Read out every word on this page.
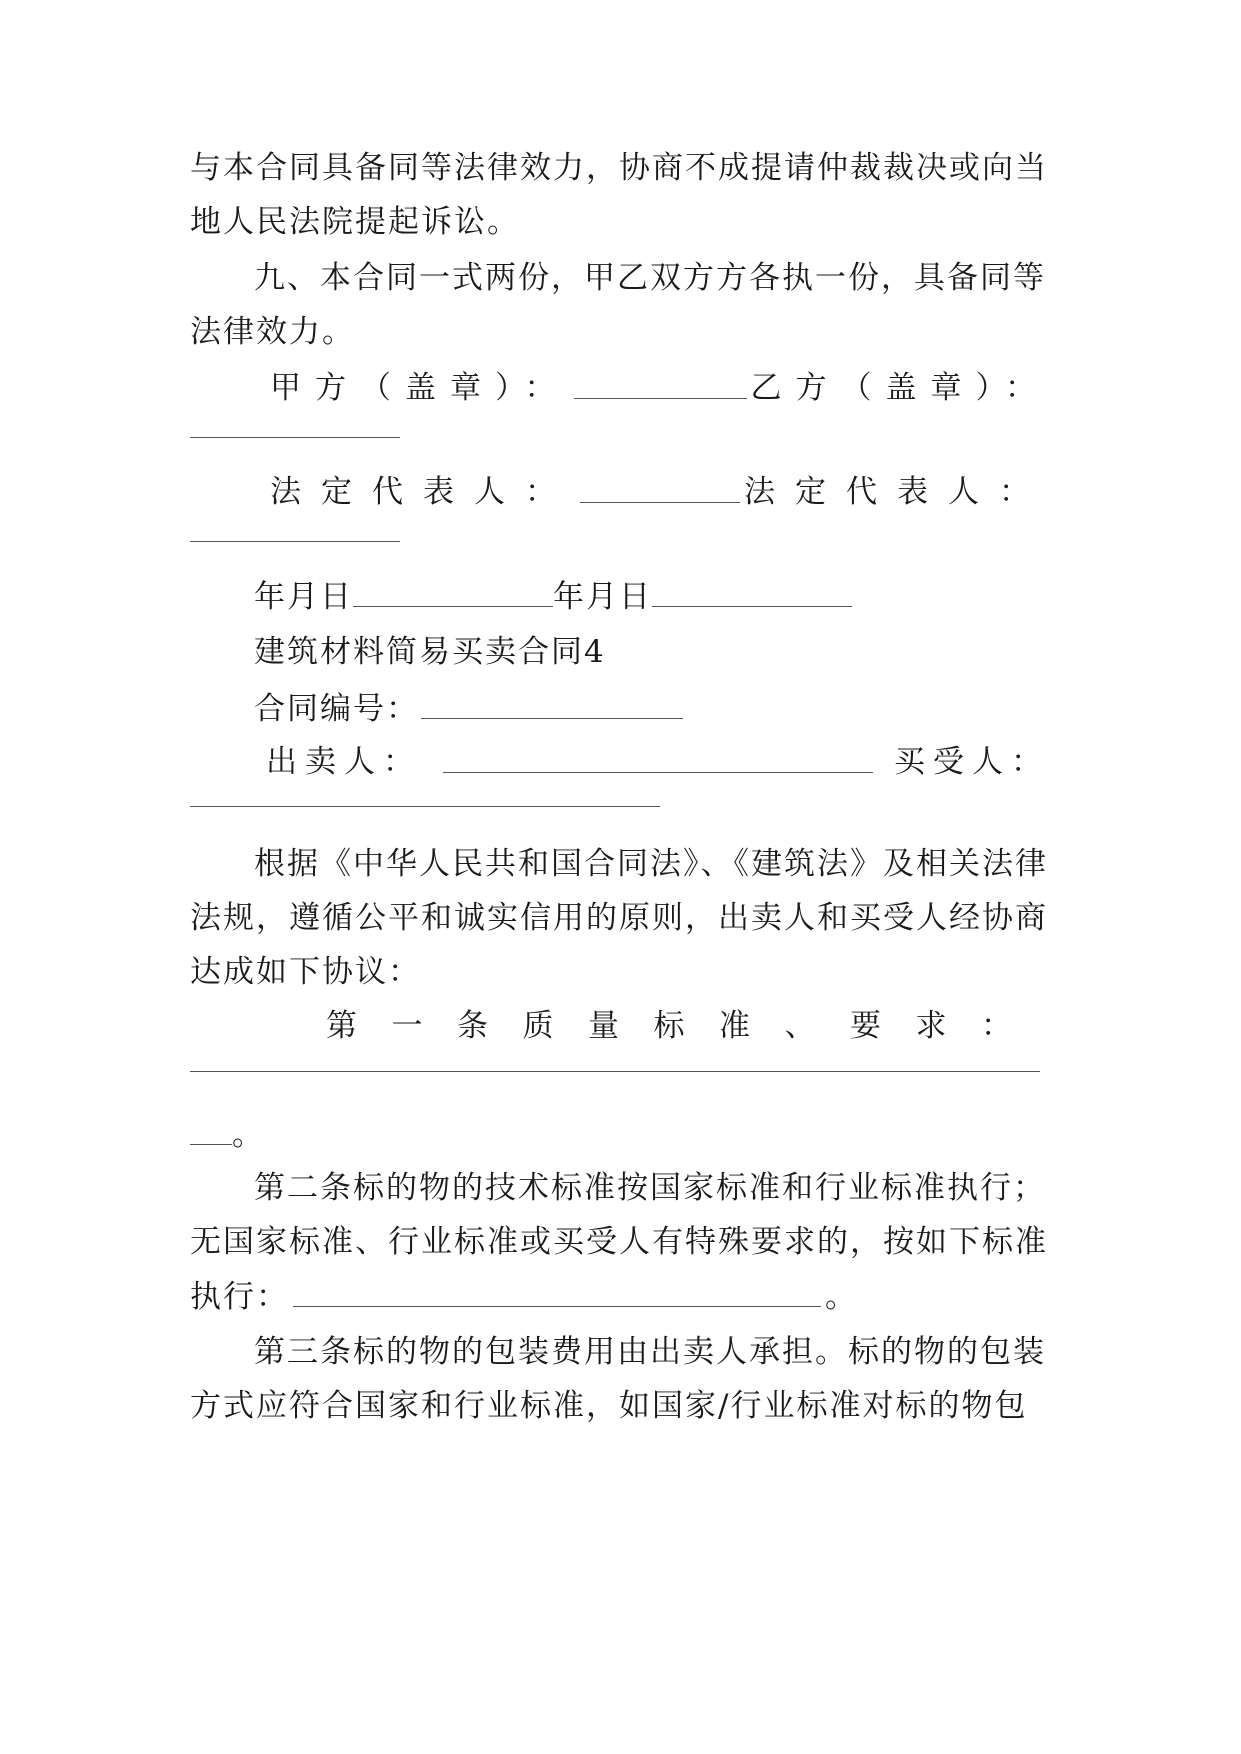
与本合同具备同等法律效力，协商不成提请仲裁裁决或向当
地人民法院提起诉讼。
九、本合同一式两份，甲乙双方方各执一份，具备同等
法律效力。
甲方（盖章）：	乙方（盖章）：
法定代表人：	法定代表人：
年月日	年月日
建筑材料简易买卖合同4
合同编号：
出卖人：	买受人：
根据《中华人民共和国合同法》、《建筑法》及相关法律
法规，遵循公平和诚实信用的原则，出卖人和买受人经协商
达成如下协议：
第一条质量标准、要求：
。
第二条标的物的技术标准按国家标准和行业标准执行；
无国家标准、行业标准或买受人有特殊要求的，按如下标准
执行：	。
第三条标的物的包装费用由出卖人承担。标的物的包装
方式应符合国家和行业标准，如国家/行业标准对标的物包
